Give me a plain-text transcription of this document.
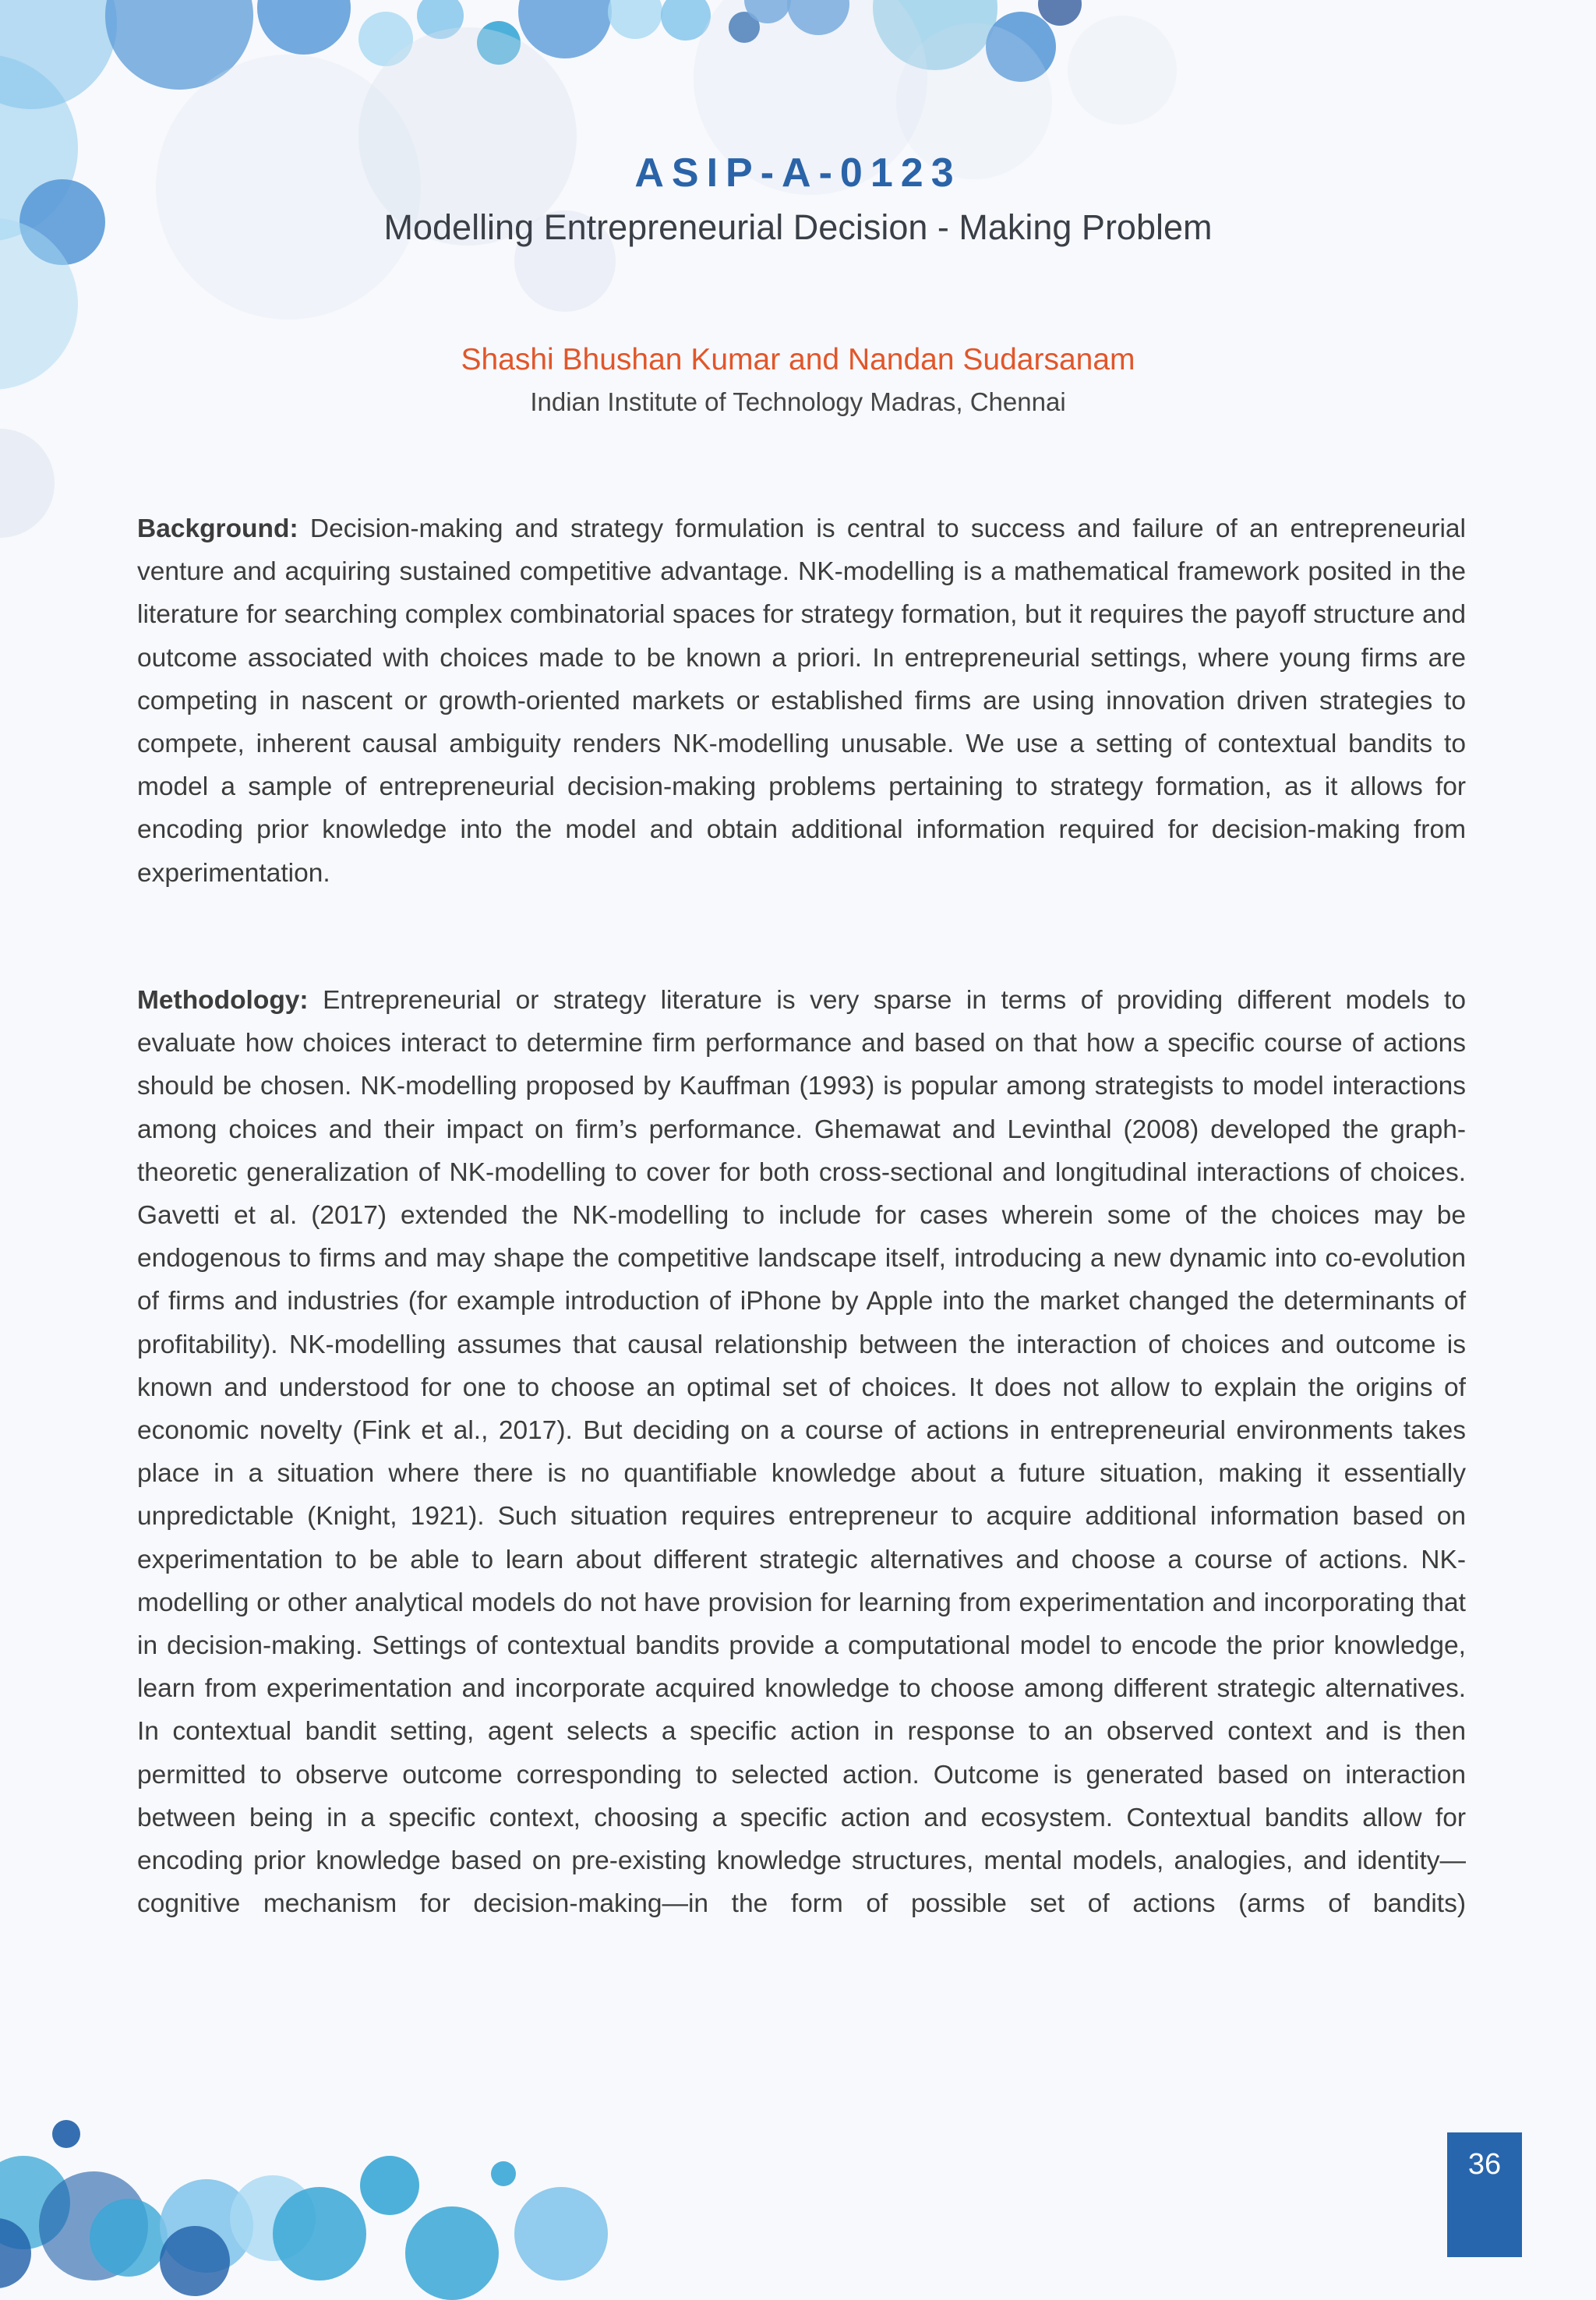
ASIP-A-0123
Modelling Entrepreneurial Decision - Making Problem
Shashi Bhushan Kumar and Nandan Sudarsanam
Indian Institute of Technology Madras, Chennai
Background: Decision-making and strategy formulation is central to success and failure of an entrepreneurial venture and acquiring sustained competitive advantage. NK-modelling is a mathematical framework posited in the literature for searching complex combinatorial spaces for strategy formation, but it requires the payoff structure and outcome associated with choices made to be known a priori. In entrepreneurial settings, where young firms are competing in nascent or growth-oriented markets or established firms are using innovation driven strategies to compete, inherent causal ambiguity renders NK-modelling unusable. We use a setting of contextual bandits to model a sample of entrepreneurial decision-making problems pertaining to strategy formation, as it allows for encoding prior knowledge into the model and obtain additional information required for decision-making from experimentation.
Methodology: Entrepreneurial or strategy literature is very sparse in terms of providing different models to evaluate how choices interact to determine firm performance and based on that how a specific course of actions should be chosen. NK-modelling proposed by Kauffman (1993) is popular among strategists to model interactions among choices and their impact on firm’s performance. Ghemawat and Levinthal (2008) developed the graph-theoretic generalization of NK-modelling to cover for both cross-sectional and longitudinal interactions of choices. Gavetti et al. (2017) extended the NK-modelling to include for cases wherein some of the choices may be endogenous to firms and may shape the competitive landscape itself, introducing a new dynamic into co-evolution of firms and industries (for example introduction of iPhone by Apple into the market changed the determinants of profitability). NK-modelling assumes that causal relationship between the interaction of choices and outcome is known and understood for one to choose an optimal set of choices. It does not allow to explain the origins of economic novelty (Fink et al., 2017). But deciding on a course of actions in entrepreneurial environments takes place in a situation where there is no quantifiable knowledge about a future situation, making it essentially unpredictable (Knight, 1921). Such situation requires entrepreneur to acquire additional information based on experimentation to be able to learn about different strategic alternatives and choose a course of actions. NK-modelling or other analytical models do not have provision for learning from experimentation and incorporating that in decision-making. Settings of contextual bandits provide a computational model to encode the prior knowledge, learn from experimentation and incorporate acquired knowledge to choose among different strategic alternatives. In contextual bandit setting, agent selects a specific action in response to an observed context and is then permitted to observe outcome corresponding to selected action. Outcome is generated based on interaction between being in a specific context, choosing a specific action and ecosystem. Contextual bandits allow for encoding prior knowledge based on pre-existing knowledge structures, mental models, analogies, and identity—cognitive mechanism for decision-making—in the form of possible set of actions (arms of bandits)
36
